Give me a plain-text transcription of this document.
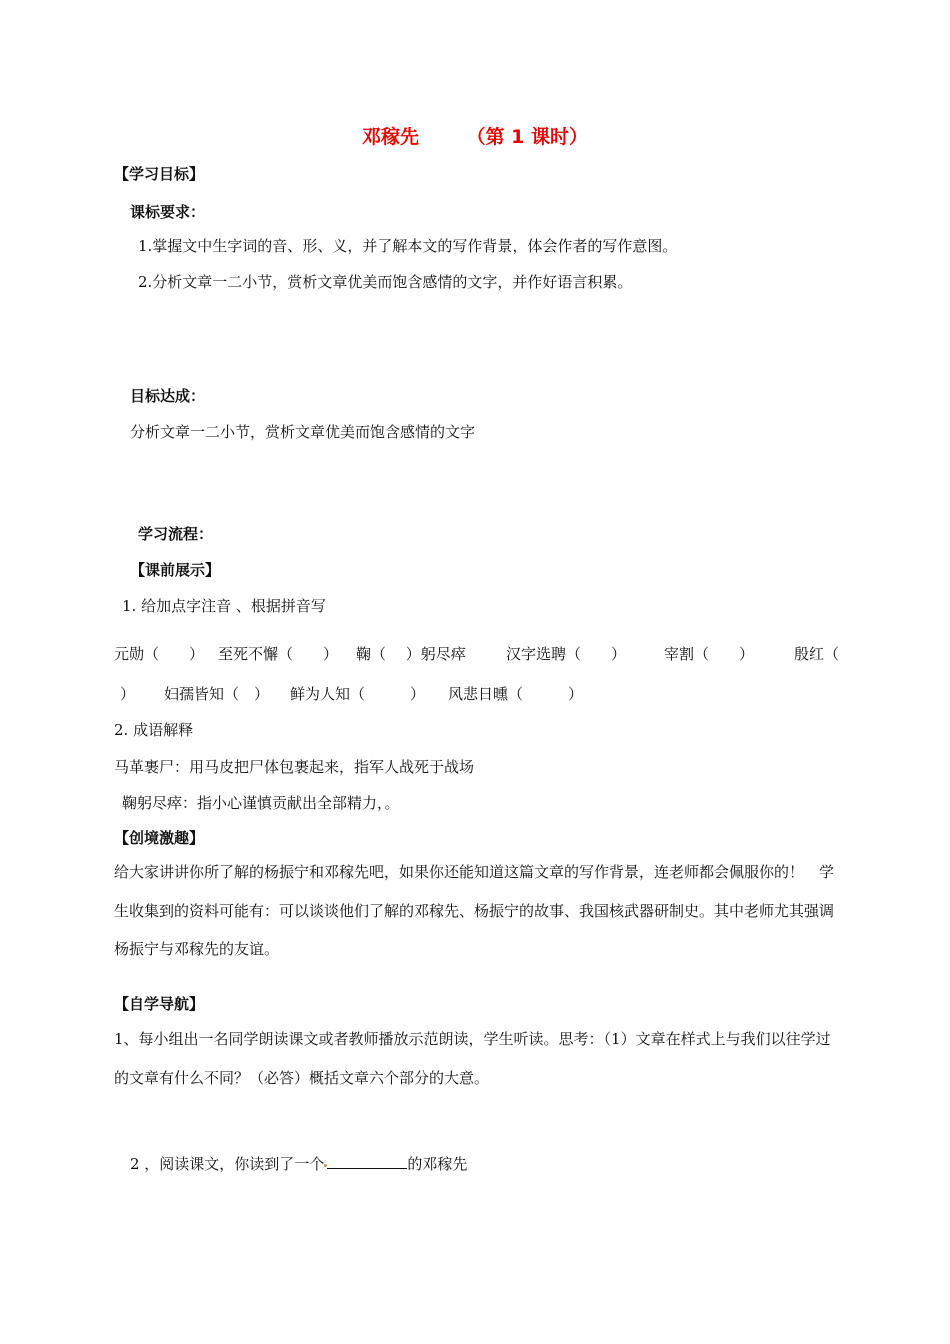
邓稼先　　　（第 1 课时）
【学习目标】
课标要求：
1.掌握文中生字词的音、形、义，并了解本文的写作背景，体会作者的写作意图。
2.分析文章一二小节，赏析文章优美而饱含感情的文字，并作好语言积累。
目标达成：
分析文章一二小节，赏析文章优美而饱含感情的文字
学习流程：
【课前展示】
1. 给加点字注音 、根据拼音写
元勋（　　） 至死不懈（　　） 鞠（　 ）躬尽瘁	汉字选聘（　　）	宰割（　　）	殷红（
） 妇孺皆知（　） 鲜为人知（　　　） 风悲日曛（　　　）
2. 成语解释
马革裹尸：用马皮把尸体包裹起来，指军人战死于战场
鞠躬尽瘁：指小心谨慎贡献出全部精力，。
【创境激趣】
给大家讲讲你所了解的杨振宁和邓稼先吧，如果你还能知道这篇文章的写作背景，连老师都会佩服你的！　学生收集到的资料可能有：可以谈谈他们了解的邓稼先、杨振宁的故事、我国核武器研制史。其中老师尤其强调杨振宁与邓稼先的友谊。
【自学导航】
1、每小组出一名同学朗读课文或者教师播放示范朗读，学生听读。思考：（1）文章在样式上与我们以往学过的文章有什么不同？（必答）概括文章六个部分的大意。
2 ，阅读课文，你读到了一个	的邓稼先
